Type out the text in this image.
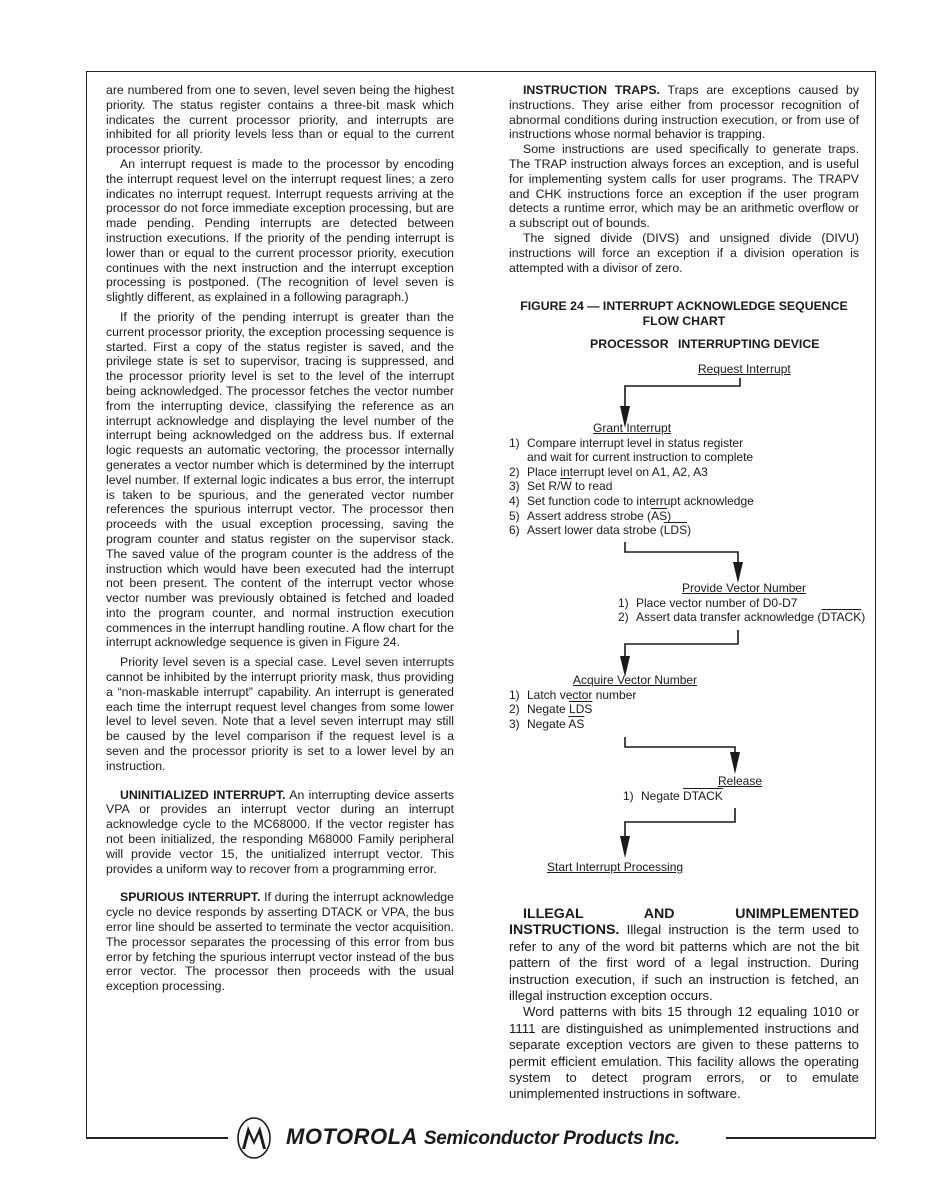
are numbered from one to seven, level seven being the highest priority. The status register contains a three-bit mask which indicates the current processor priority, and interrupts are inhibited for all priority levels less than or equal to the current processor priority.

An interrupt request is made to the processor by encoding the interrupt request level on the interrupt request lines; a zero indicates no interrupt request. Interrupt requests arriving at the processor do not force immediate exception processing, but are made pending. Pending interrupts are detected between instruction executions. If the priority of the pending interrupt is lower than or equal to the current processor priority, execution continues with the next instruction and the interrupt exception processing is postponed. (The recognition of level seven is slightly different, as explained in a following paragraph.)

If the priority of the pending interrupt is greater than the current processor priority, the exception processing sequence is started. First a copy of the status register is saved, and the privilege state is set to supervisor, tracing is suppressed, and the processor priority level is set to the level of the interrupt being acknowledged. The processor fetches the vector number from the interrupting device, classifying the reference as an interrupt acknowledge and displaying the level number of the interrupt being acknowledged on the address bus. If external logic requests an automatic vectoring, the processor internally generates a vector number which is determined by the interrupt level number. If external logic indicates a bus error, the interrupt is taken to be spurious, and the generated vector number references the spurious interrupt vector. The processor then proceeds with the usual exception processing, saving the program counter and status register on the supervisor stack. The saved value of the program counter is the address of the instruction which would have been executed had the interrupt not been present. The content of the interrupt vector whose vector number was previously obtained is fetched and loaded into the program counter, and normal instruction execution commences in the interrupt handling routine. A flow chart for the interrupt acknowledge sequence is given in Figure 24.

Priority level seven is a special case. Level seven interrupts cannot be inhibited by the interrupt priority mask, thus providing a “non-maskable interrupt” capability. An interrupt is generated each time the interrupt request level changes from some lower level to level seven. Note that a level seven interrupt may still be caused by the level comparison if the request level is a seven and the processor priority is set to a lower level by an instruction.

UNINITIALIZED INTERRUPT. An interrupting device asserts VPA or provides an interrupt vector during an interrupt acknowledge cycle to the MC68000. If the vector register has not been initialized, the responding M68000 Family peripheral will provide vector 15, the unitialized interrupt vector. This provides a uniform way to recover from a programming error.

SPURIOUS INTERRUPT. If during the interrupt acknowledge cycle no device responds by asserting DTACK or VPA, the bus error line should be asserted to terminate the vector acquisition. The processor separates the processing of this error from bus error by fetching the spurious interrupt vector instead of the bus error vector. The processor then proceeds with the usual exception processing.

INSTRUCTION TRAPS. Traps are exceptions caused by instructions. They arise either from processor recognition of abnormal conditions during instruction execution, or from use of instructions whose normal behavior is trapping.

Some instructions are used specifically to generate traps. The TRAP instruction always forces an exception, and is useful for implementing system calls for user programs. The TRAPV and CHK instructions force an exception if the user program detects a runtime error, which may be an arithmetic overflow or a subscript out of bounds.

The signed divide (DIVS) and unsigned divide (DIVU) instructions will force an exception if a division operation is attempted with a divisor of zero.

FIGURE 24 — INTERRUPT ACKNOWLEDGE SEQUENCE
FLOW CHART
PROCESSOR INTERRUPTING DEVICE
Request Interrupt
Grant Interrupt
1) Compare interrupt level in status register
and wait for current instruction to complete
2) Place interrupt level on A1, A2, A3
3) Set $R/\overline{W}$ to read
4) Set function code to interrupt acknowledge
5) Assert address strobe $(\overline{AS})$
6) Assert lower data strobe $(\overline{LDS})$
Provide Vector Number
1) Place vector number of D0-D7
2) Assert data transfer acknowledge (DTACK)
Acquire Vector Number
1) Latch vector number
2) Negate $\overline{LDS}$
3) Negate $\overline{AS}$
Release
1) Negate DTACK
Start Interrupt Processing

ILLEGAL AND UNIMPLEMENTED INSTRUCTIONS. Illegal instruction is the term used to refer to any of the word bit patterns which are not the bit pattern of the first word of a legal instruction. During instruction execution, if such an instruction is fetched, an illegal instruction exception occurs.

Word patterns with bits 15 through 12 equaling 1010 or 1111 are distinguished as unimplemented instructions and separate exception vectors are given to these patterns to permit efficient emulation. This facility allows the operating system to detect program errors, or to emulate unimplemented instructions in software.

MOTOROLA Semiconductor Products Inc.
